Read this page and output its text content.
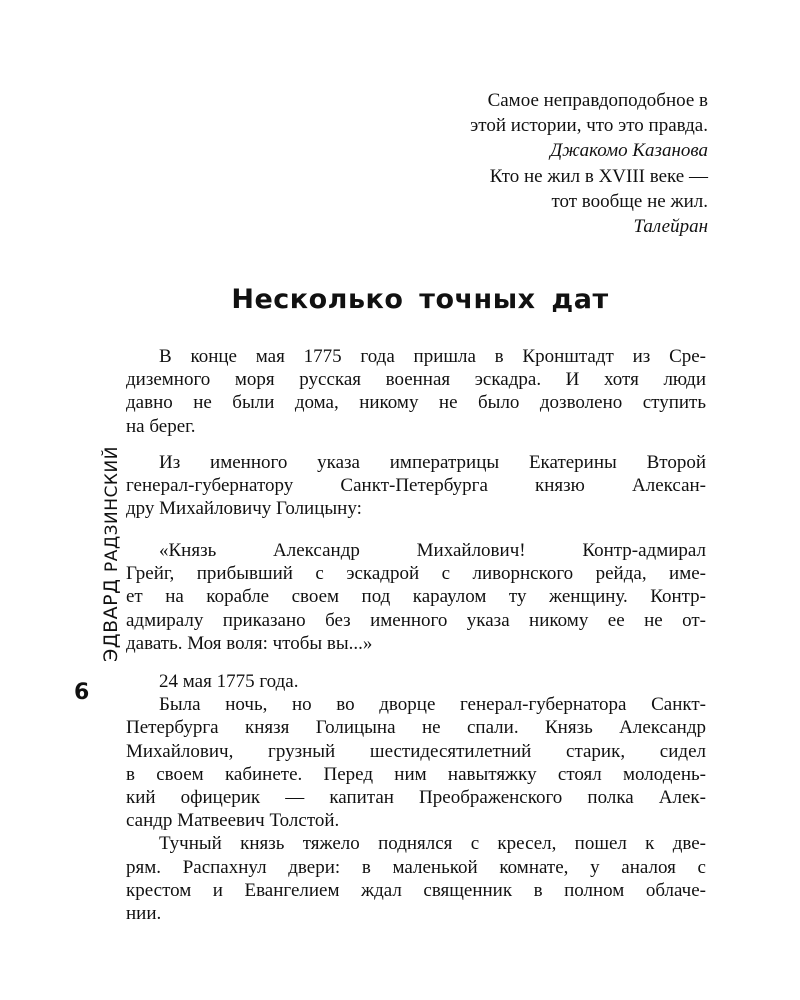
Самое неправдоподобное в
этой истории, что это правда.
Джакомо Казанова
Кто не жил в XVIII веке —
тот вообще не жил.
Талейран
Несколько точных дат
В конце мая 1775 года пришла в Кронштадт из Сре-
диземного моря русская военная эскадра. И хотя люди
давно не были дома, никому не было дозволено ступить
на берег.
Из именного указа императрицы Екатерины Второй
генерал-губернатору Санкт-Петербурга князю Алексан-
дру Михайловичу Голицыну:
«Князь Александр Михайлович! Контр-адмирал
Грейг, прибывший с эскадрой с ливорнского рейда, име-
ет на корабле своем под караулом ту женщину. Контр-
адмиралу приказано без именного указа никому ее не от-
давать. Моя воля: чтобы вы...»
24 мая 1775 года.
Была ночь, но во дворце генерал-губернатора Санкт-
Петербурга князя Голицына не спали. Князь Александр
Михайлович, грузный шестидесятилетний старик, сидел
в своем кабинете. Перед ним навытяжку стоял молодень-
кий офицерик — капитан Преображенского полка Алек-
сандр Матвеевич Толстой.
Тучный князь тяжело поднялся с кресел, пошел к две-
рям. Распахнул двери: в маленькой комнате, у аналоя с
крестом и Евангелием ждал священник в полном облаче-
нии.
ЭДВАРД РАДЗИНСКИЙ
6
